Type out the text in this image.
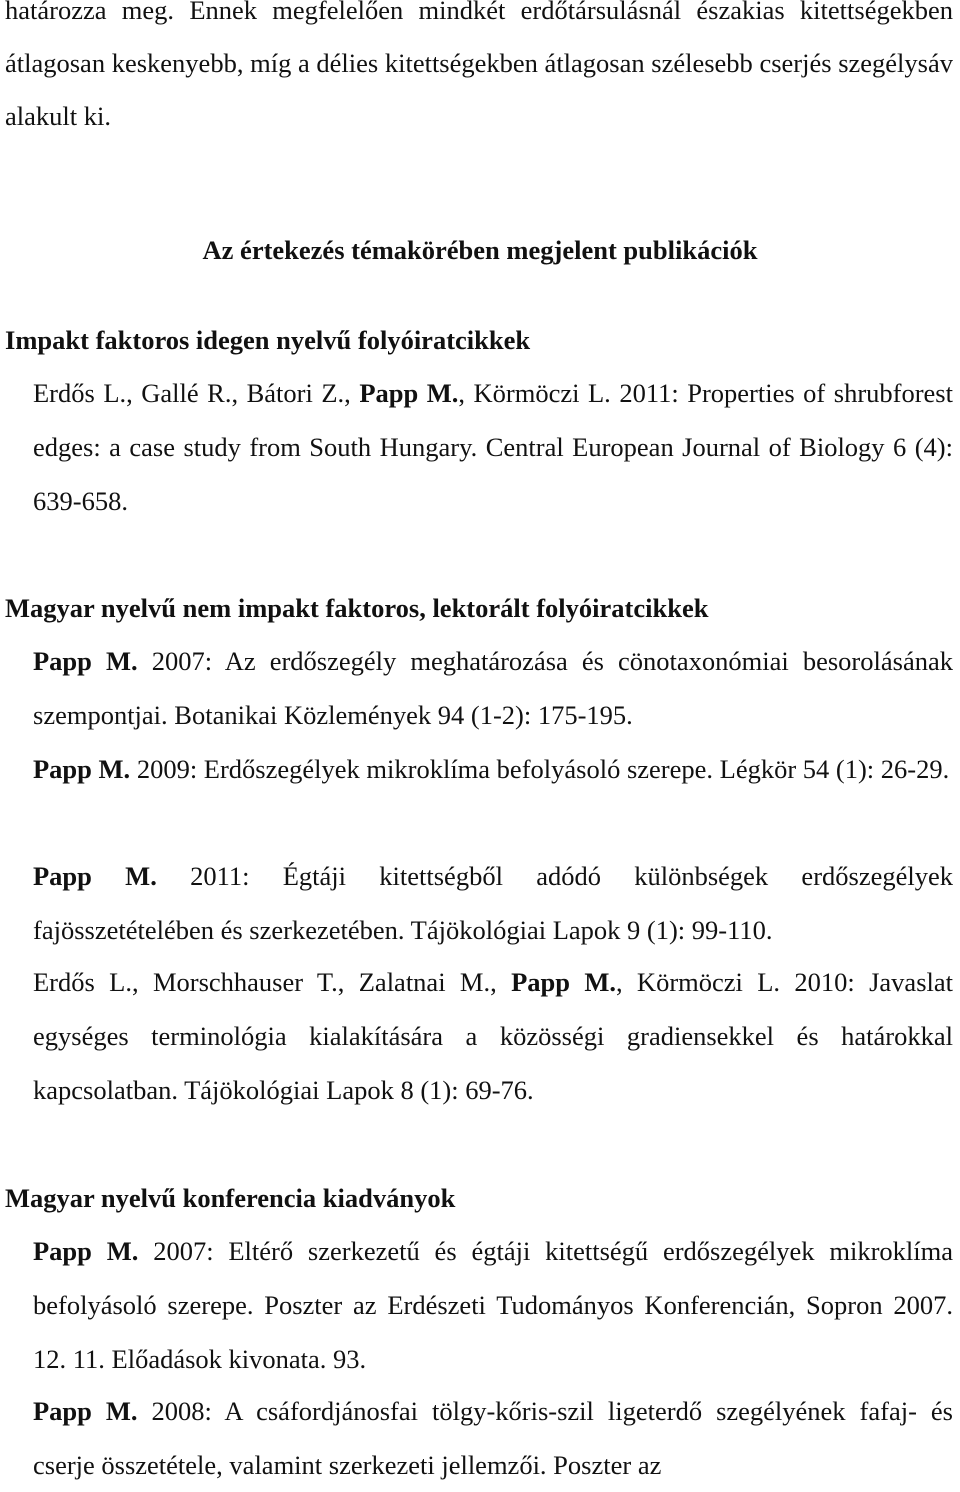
határozza meg. Ennek megfelelően mindkét erdőtársulásnál északias kitettségekben átlagosan keskenyebb, míg a délies kitettségekben átlagosan szélesebb cserjés szegélysáv alakult ki.
Az értekezés témakörében megjelent publikációk
Impakt faktoros idegen nyelvű folyóiratcikkek
Erdős L., Gallé R., Bátori Z., Papp M., Körmöczi L. 2011: Properties of shrubforest edges: a case study from South Hungary. Central European Journal of Biology 6 (4): 639-658.
Magyar nyelvű nem impakt faktoros, lektorált folyóiratcikkek
Papp M. 2007: Az erdőszegély meghatározása és cönotaxonómiai besorolásának szempontjai. Botanikai Közlemények 94 (1-2): 175-195.
Papp M. 2009: Erdőszegélyek mikroklíma befolyásoló szerepe. Légkör 54 (1): 26-29.
Papp M. 2011: Égtáji kitettségből adódó különbségek erdőszegélyek fajösszetételében és szerkezetében. Tájökológiai Lapok 9 (1): 99-110.
Erdős L., Morschhauser T., Zalatnai M., Papp M., Körmöczi L. 2010: Javaslat egységes terminológia kialakítására a közösségi gradiensekkel és határokkal kapcsolatban. Tájökológiai Lapok 8 (1): 69-76.
Magyar nyelvű konferencia kiadványok
Papp M. 2007: Eltérő szerkezetű és égtáji kitettségű erdőszegélyek mikroklíma befolyásoló szerepe. Poszter az Erdészeti Tudományos Konferencián, Sopron 2007. 12. 11. Előadások kivonata. 93.
Papp M. 2008: A csáfordjánosfai tölgy-kőris-szil ligeterdő szegélyének fafaj- és cserje összetétele, valamint szerkezeti jellemzői. Poszter az
